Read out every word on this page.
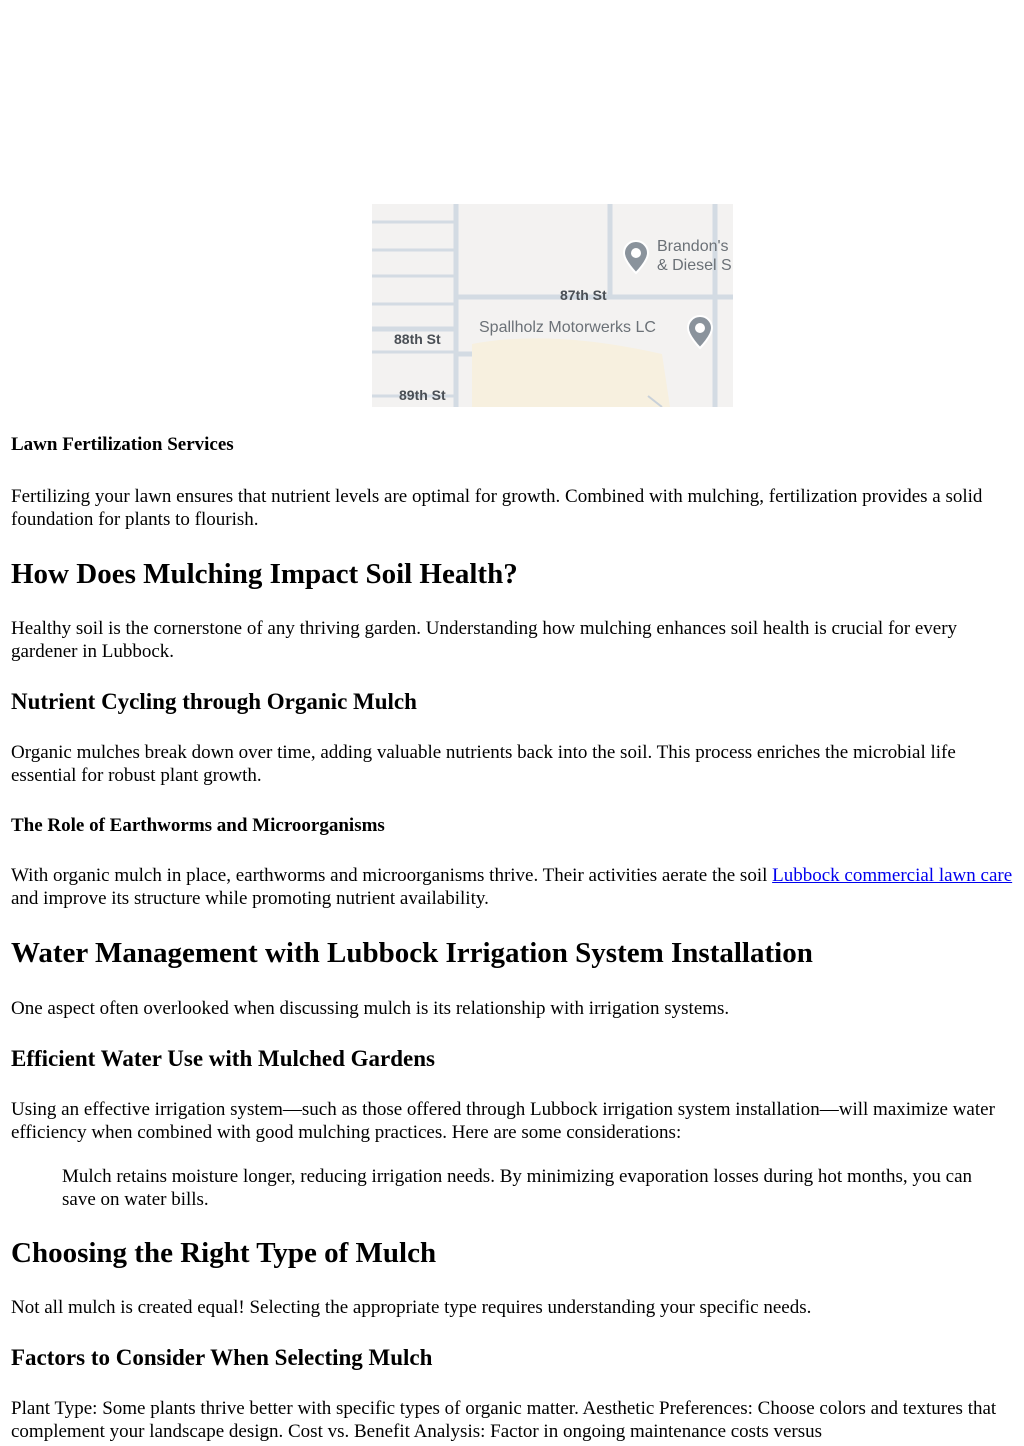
87th St
88th St
89th St
Spallholz Motorwerks LC
Brandon's
& Diesel S
Lawn Fertilization Services

Fertilizing your lawn ensures that nutrient levels are optimal for growth. Combined with mulching, fertilization provides a solid foundation for plants to flourish.

How Does Mulching Impact Soil Health?

Healthy soil is the cornerstone of any thriving garden. Understanding how mulching enhances soil health is crucial for every gardener in Lubbock.

Nutrient Cycling through Organic Mulch

Organic mulches break down over time, adding valuable nutrients back into the soil. This process enriches the microbial life essential for robust plant growth.

The Role of Earthworms and Microorganisms

With organic mulch in place, earthworms and microorganisms thrive. Their activities aerate the soil Lubbock commercial lawn care and improve its structure while promoting nutrient availability.

Water Management with Lubbock Irrigation System Installation

One aspect often overlooked when discussing mulch is its relationship with irrigation systems.

Efficient Water Use with Mulched Gardens

Using an effective irrigation system—such as those offered through Lubbock irrigation system installation—will maximize water efficiency when combined with good mulching practices. Here are some considerations:

Mulch retains moisture longer, reducing irrigation needs. By minimizing evaporation losses during hot months, you can save on water bills.

Choosing the Right Type of Mulch

Not all mulch is created equal! Selecting the appropriate type requires understanding your specific needs.

Factors to Consider When Selecting Mulch

Plant Type: Some plants thrive better with specific types of organic matter. Aesthetic Preferences: Choose colors and textures that complement your landscape design. Cost vs. Benefit Analysis: Factor in ongoing maintenance costs versus
